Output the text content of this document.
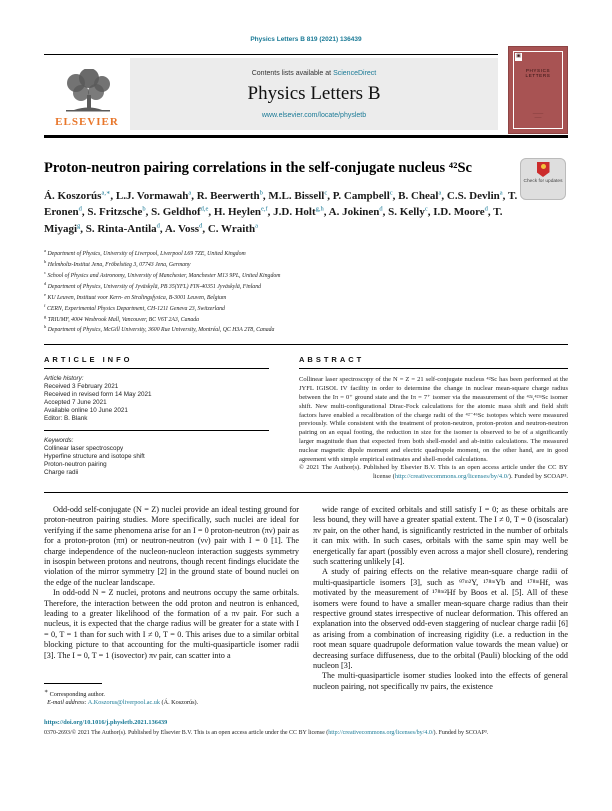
Physics Letters B 819 (2021) 136439
ELSEVIER
Contents lists available at ScienceDirect
Physics Letters B
www.elsevier.com/locate/physletb
▣
PHYSICS LETTERS
―――
――
Proton-neutron pairing correlations in the self-conjugate nucleus ⁴²Sc
Check for updates
Á. Koszorús$^{a,∗}$, L.J. Vormawah$^a$, R. Beerwerth$^b$, M.L. Bissell$^c$, P. Campbell$^c$, B. Cheal$^a$, C.S. Devlin$^a$, T. Eronen$^d$, S. Fritzsche$^b$, S. Geldhof$^{d,e}$, H. Heylen$^{e,f}$, J.D. Holt$^{g,h}$, A. Jokinen$^d$, S. Kelly$^c$, I.D. Moore$^d$, T. Miyagi$^g$, S. Rinta-Antila$^d$, A. Voss$^d$, C. Wraith$^a$
$^a$ Department of Physics, University of Liverpool, Liverpool L69 7ZE, United Kingdom
$^b$ Helmholtz-Institut Jena, Fröbelstieg 3, 07743 Jena, Germany
$^c$ School of Physics and Astronomy, University of Manchester, Manchester M13 9PL, United Kingdom
$^d$ Department of Physics, University of Jyväskylä, PB 35(YFL) FIN-40351 Jyväskylä, Finland
$^e$ KU Leuven, Instituut voor Kern- en Stralingsfysica, B-3001 Leuven, Belgium
$^f$ CERN, Experimental Physics Department, CH-1211 Geneva 23, Switzerland
$^g$ TRIUMF, 4004 Wesbrook Mall, Vancouver, BC V6T 2A3, Canada
$^h$ Department of Physics, McGill University, 3600 Rue University, Montréal, QC H3A 2T8, Canada
ARTICLE INFO
Article history:
Received 3 February 2021
Received in revised form 14 May 2021
Accepted 7 June 2021
Available online 10 June 2021
Editor: B. Blank
Keywords:
Collinear laser spectroscopy
Hyperfine structure and isotope shift
Proton-neutron pairing
Charge radii
ABSTRACT
Collinear laser spectroscopy of the N = Z = 21 self-conjugate nucleus ⁴²Sc has been performed at the JYFL IGISOL IV facility in order to determine the change in nuclear mean-square charge radius between the Iπ = 0⁺ ground state and the Iπ = 7⁺ isomer via the measurement of the ⁴²ᵍ,⁴²ᵐSc isomer shift. New multi-configurational Dirac-Fock calculations for the atomic mass shift and field shift factors have enabled a recalibration of the charge radii of the ⁴²⁻⁴⁶Sc isotopes which were measured previously. While consistent with the treatment of proton-neutron, proton-proton and neutron-neutron pairing on an equal footing, the reduction in size for the isomer is observed to be of a significantly larger magnitude than that expected from both shell-model and ab-initio calculations. The measured nuclear magnetic dipole moment and electric quadrupole moment, on the other hand, are in good agreement with simple empirical estimates and shell-model calculations.
© 2021 The Author(s). Published by Elsevier B.V. This is an open access article under the CC BY license (http://creativecommons.org/licenses/by/4.0/). Funded by SCOAP³.

Odd-odd self-conjugate (N = Z) nuclei provide an ideal testing ground for proton-neutron pairing studies. More specifically, such nuclei are ideal for verifying if the same phenomena arise for an I = 0 proton-neutron (πν) pair as for a proton-proton (ππ) or neutron-neutron (νν) pair with I = 0 [1]. The charge independence of the nucleon-nucleon interaction suggests symmetry in isospin between protons and neutrons, though recent findings elucidate the violation of the mirror symmetry [2] in the ground state of bound nuclei on the edge of the nuclear landscape.

In odd-odd N = Z nuclei, protons and neutrons occupy the same orbitals. Therefore, the interaction between the odd proton and neutron is enhanced, leading to a greater likelihood of the formation of a πν pair. For such a nucleus, it is expected that the charge radius will be greater for a state with I = 0, T = 1 than for such with I ≠ 0, T = 0. This arises due to a similar orbital blocking picture to that accounting for the multi-quasiparticle isomer radii [3]. The I = 0, T = 1 (isovector) πν pair, can scatter into a

∗ Corresponding author.
E-mail address: A.Koszorus@liverpool.ac.uk (Á. Koszorús).

wide range of excited orbitals and still satisfy I = 0; as these orbitals are less bound, they will have a greater spatial extent. The I ≠ 0, T = 0 (isoscalar) πν pair, on the other hand, is significantly restricted in the number of orbitals it can mix with. In such cases, orbitals with the same spin may well be energetically far apart (possibly even across a major shell closure), rendering such scattering unlikely [4].

A study of pairing effects on the relative mean-square charge radii of multi-quasiparticle isomers [3], such as ⁹⁷ᵐ²Y, ¹⁷⁸ᵐYb and ¹⁷⁸ᵐHf, was motivated by the measurement of ¹⁷⁸ᵐ²Hf by Boos et al. [5]. All of these isomers were found to have a smaller mean-square charge radius than their respective ground states irrespective of nuclear deformation. This offered an explanation into the observed odd-even staggering of nuclear charge radii [6] as arising from a combination of increasing rigidity (i.e. a reduction in the root mean square quadrupole deformation value towards the mean value) or decreasing surface diffuseness, due to the orbital (Pauli) blocking of the odd nucleon [3].

The multi-quasiparticle isomer studies looked into the effects of general nucleon pairing, not specifically πν pairs, the existence

https://doi.org/10.1016/j.physletb.2021.136439
0370-2693/© 2021 The Author(s). Published by Elsevier B.V. This is an open access article under the CC BY license (http://creativecommons.org/licenses/by/4.0/). Funded by SCOAP³.
